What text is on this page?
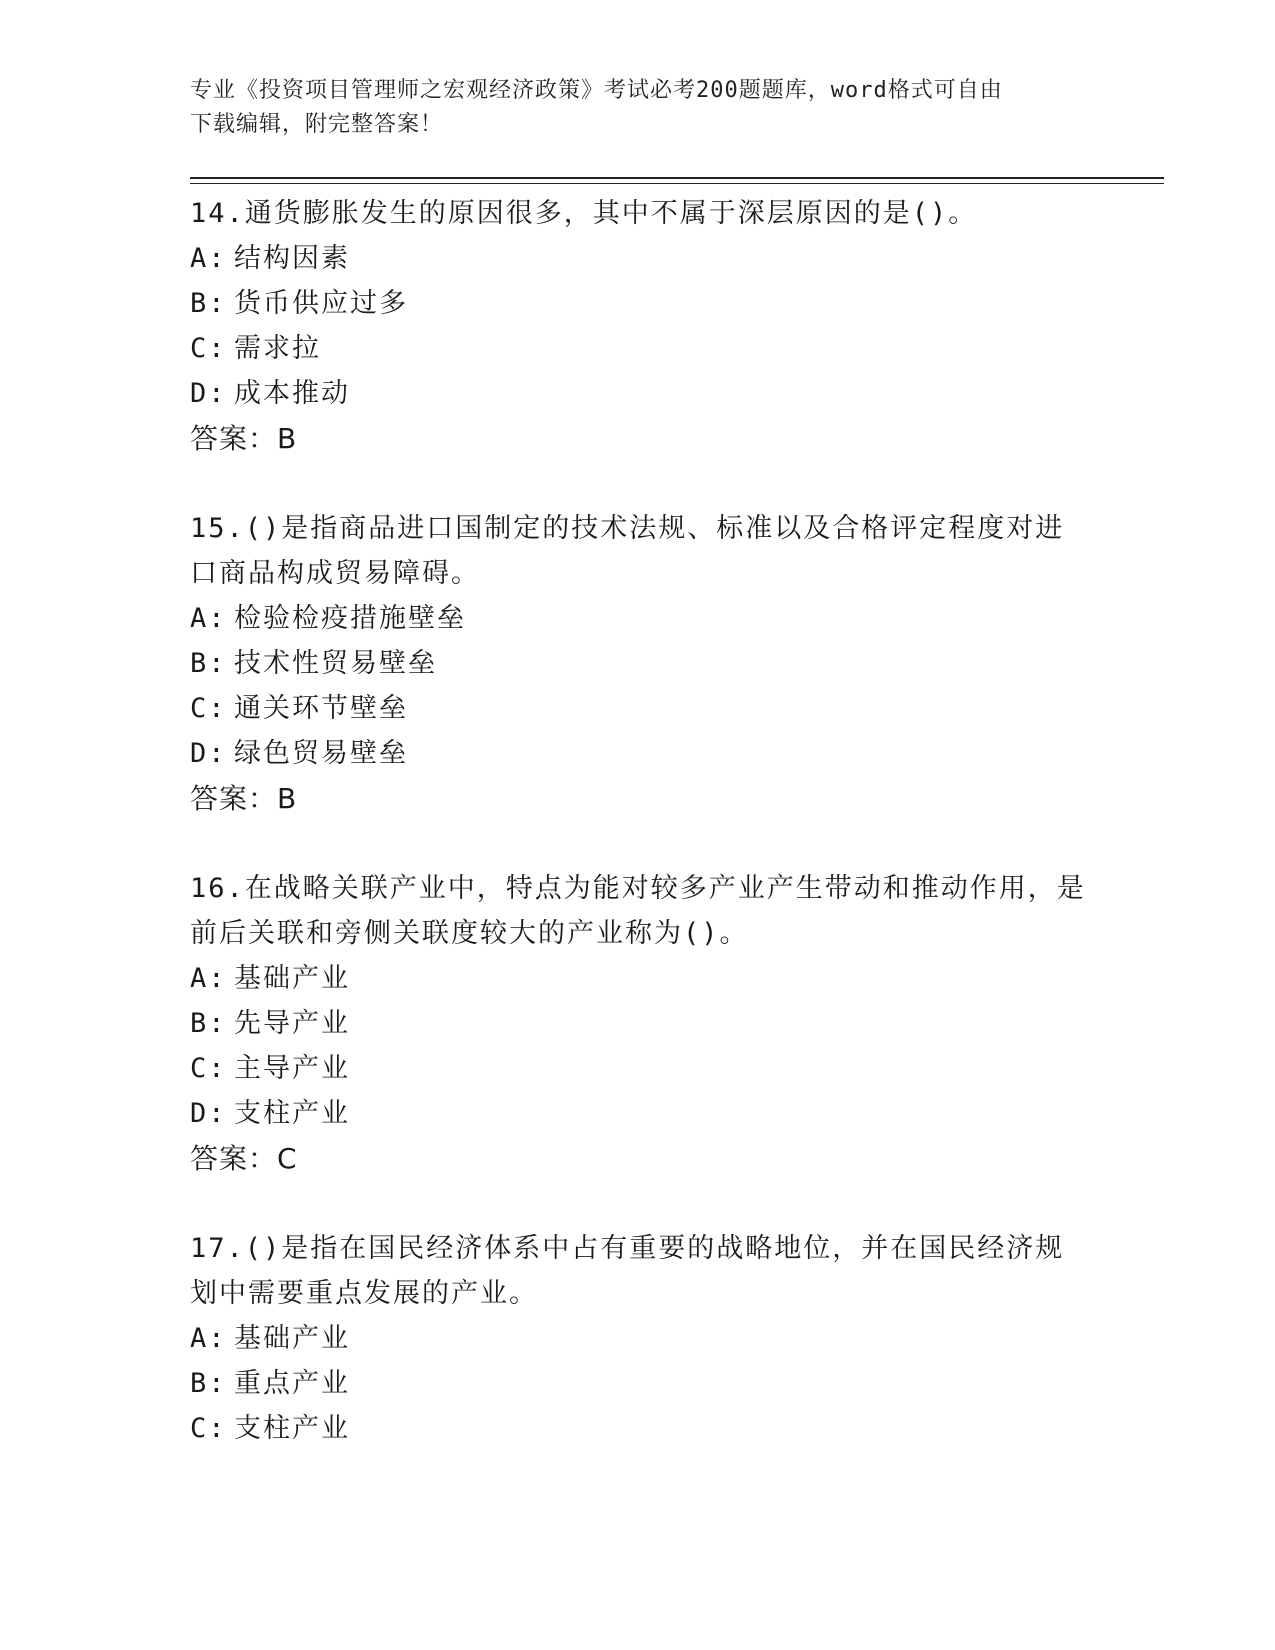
专业《投资项目管理师之宏观经济政策》考试必考200题题库，word格式可自由
下载编辑，附完整答案！

14.通货膨胀发生的原因很多，其中不属于深层原因的是()。

A: 结构因素

B: 货币供应过多

C: 需求拉

D: 成本推动

答案：B

15.()是指商品进口国制定的技术法规、标准以及合格评定程度对进口商品构成贸易障碍。

A: 检验检疫措施壁垒

B: 技术性贸易壁垒

C: 通关环节壁垒

D: 绿色贸易壁垒

答案：B

16.在战略关联产业中，特点为能对较多产业产生带动和推动作用，是前后关联和旁侧关联度较大的产业称为()。

A: 基础产业

B: 先导产业

C: 主导产业

D: 支柱产业

答案：C

17.()是指在国民经济体系中占有重要的战略地位，并在国民经济规划中需要重点发展的产业。

A: 基础产业

B: 重点产业

C: 支柱产业
